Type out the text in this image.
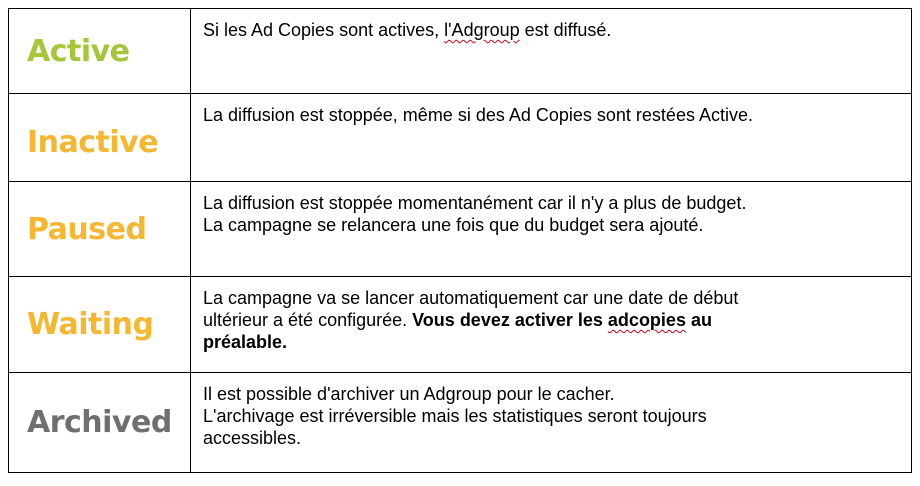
Active	Si les Ad Copies sont actives, l'Adgroup est diffusé.

Inactive	La diffusion est stoppée, même si des Ad Copies sont restées Active.

Paused	La diffusion est stoppée momentanément car il n'y a plus de budget.
La campagne se relancera une fois que du budget sera ajouté.

Waiting	La campagne va se lancer automatiquement car une date de début
ultérieur a été configurée. Vous devez activer les adcopies au
préalable.

Archived	Il est possible d'archiver un Adgroup pour le cacher.
L'archivage est irréversible mais les statistiques seront toujours
accessibles.
